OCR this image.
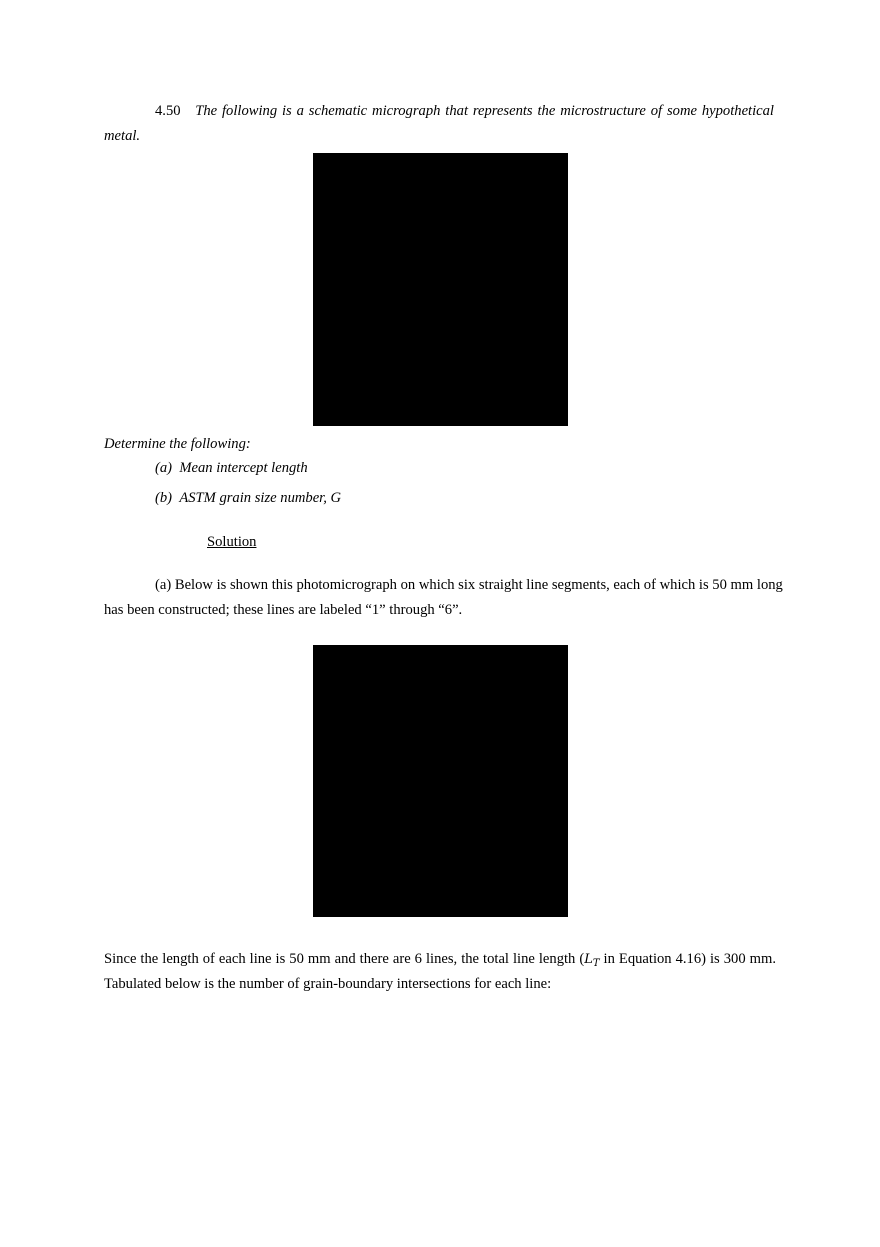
4.50 The following is a schematic micrograph that represents the microstructure of some hypothetical

metal.

Determine the following:

(a) Mean intercept length

(b) ASTM grain size number, G

Solution

(a) Below is shown this photomicrograph on which six straight line segments, each of which is 50 mm long

has been constructed; these lines are labeled “1” through “6”.

Since the length of each line is 50 mm and there are 6 lines, the total line length ($L_T$ in Equation 4.16) is 300 mm.

Tabulated below is the number of grain-boundary intersections for each line:
